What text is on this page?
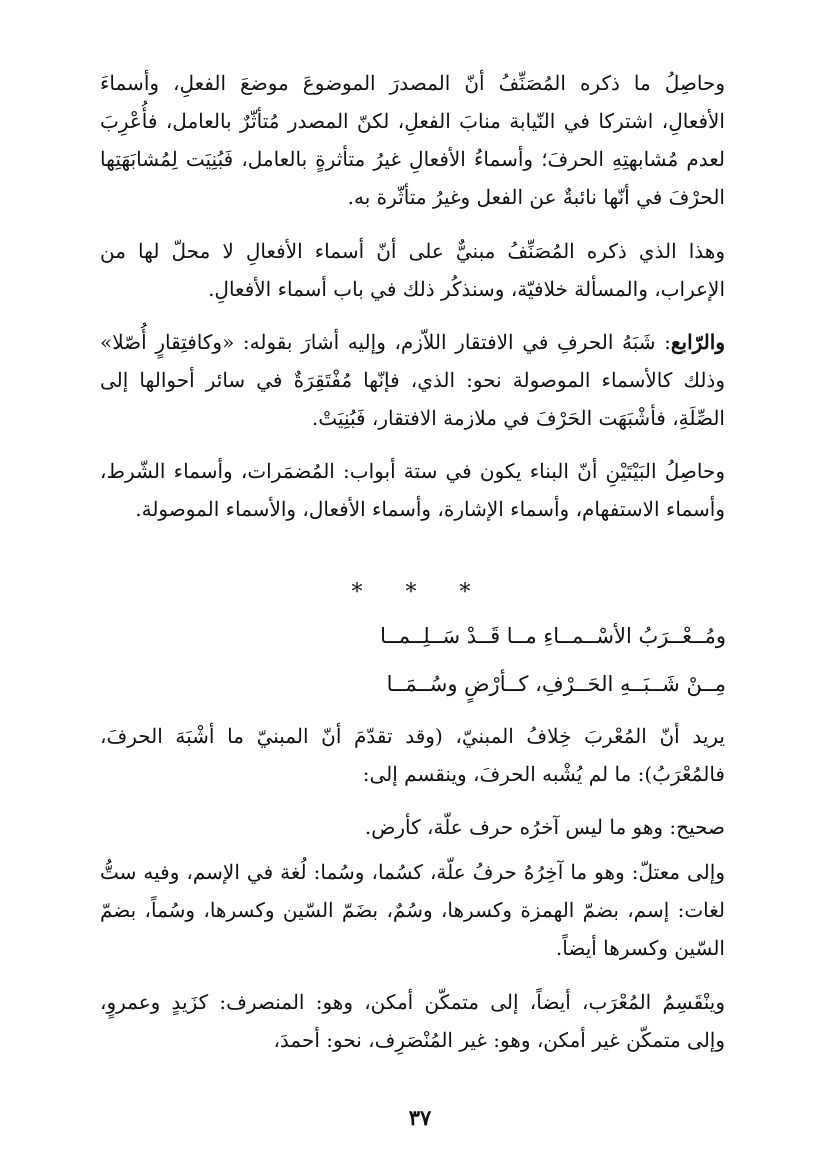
وحاصِلُ ما ذكره المُصَنِّفُ أنّ المصدرَ الموضوعَ موضعَ الفعلِ، وأسماءَ الأفعالِ، اشتركا في النّيابة منابَ الفعلِ، لكنّ المصدر مُتأثّرٌ بالعامل، فأُعْرِبَ لعدم مُشابهتِهِ الحرفَ؛ وأسماءُ الأفعالِ غيرُ متأثرةٍ بالعامل، فَبُنِيَت لِمُشابَهَتِها الحرْفَ في أنّها نائبةٌ عن الفعل وغيرُ متأثّرة به.
وهذا الذي ذكره المُصَنِّفُ مبنيٌّ على أنّ أسماء الأفعالِ لا محلّ لها من الإعراب، والمسألة خلافيّة، وسنذكُر ذلك في باب أسماء الأفعالِ.
والرّابع: شَبَهُ الحرفِ في الافتقار اللاّزم، وإليه أشارَ بقوله: «وكافتِقارٍ أُصّلا» وذلك كالأسماء الموصولة نحو: الذي، فإنّها مُفْتَقِرَةٌ في سائر أحوالها إلى الصِّلَةِ، فأشْبَهَت الحَرْفَ في ملازمة الافتقار، فَبُنِيَتْ.
وحاصِلُ البَيْتَيْنِ أنّ البناء يكون في ستة أبواب: المُضمَرات، وأسماء الشّرط، وأسماء الاستفهام، وأسماء الإشارة، وأسماء الأفعال، والأسماء الموصولة.
* * *
ومُــعْــرَبُ الأسْــمــاءِ مــا قَــدْ سَــلِــمــا
مِــنْ شَــبَــهِ الحَــرْفِ، كــأرْضٍ وسُــمَــا
يريد أنّ المُعْربَ خِلافُ المبنيّ، (وقد تقدّمَ أنّ المبنيّ ما أشْبَهَ الحرفَ، فالمُعْرَبُ): ما لم يُشْبه الحرفَ، وينقسم إلى:
صحيح: وهو ما ليس آخرُه حرف علّة، كأرض.
وإلى معتلّ: وهو ما آخِرُهُ حرفُ علّة، كسُما، وسُما: لُغة في الإسم، وفيه ستُّ لغات: إسم، بضمّ الهمزة وكسرها، وسُمٌ، بضَمّ السّين وكسرها، وسُماً، بضمّ السّين وكسرها أيضاً.
وينْقَسِمُ المُعْرَب، أيضاً، إلى متمكّن أمكن، وهو: المنصرف: كزَيدٍ وعمروٍ، وإلى متمكّن غير أمكن، وهو: غير المُنْصَرِف، نحو: أحمدَ،
٣٧
